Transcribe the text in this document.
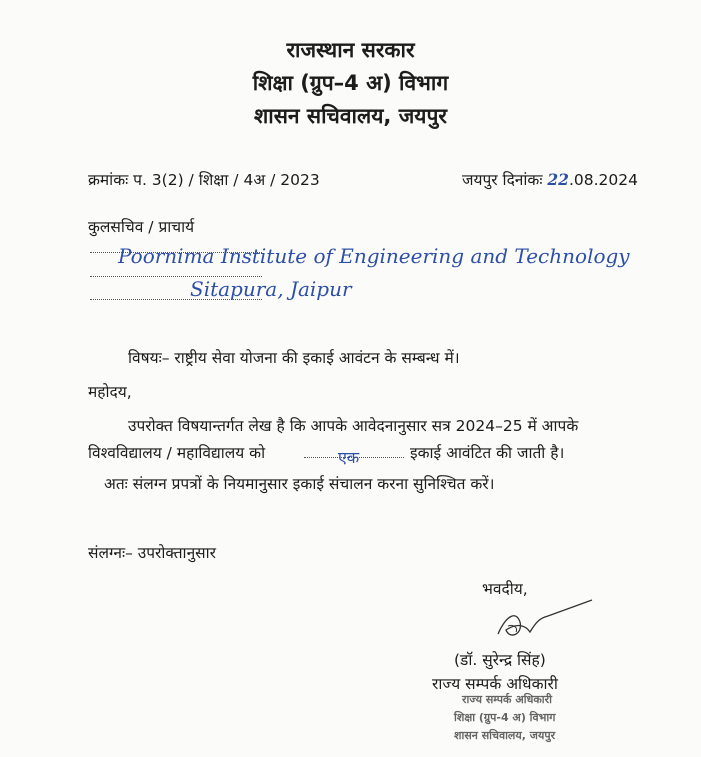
राजस्थान सरकार
शिक्षा (ग्रुप–4 अ) विभाग
शासन सचिवालय, जयपुर
क्रमांकः प. 3(2) / शिक्षा / 4अ / 2023	जयपुर दिनांकः 22.08.2024
कुलसचिव / प्राचार्य
Poornima Institute of Engineering and Technology
Sitapura, Jaipur
विषयः– राष्ट्रीय सेवा योजना की इकाई आवंटन के सम्बन्ध में।
महोदय,
उपरोक्त विषयान्तर्गत लेख है कि आपके आवेदनानुसार सत्र 2024–25 में आपके
विश्वविद्यालय / महाविद्यालय को	एक	इकाई आवंटित की जाती है।
अतः संलग्न प्रपत्रों के नियमानुसार इकाई संचालन करना सुनिश्चित करें।
संलग्नः– उपरोक्तानुसार
भवदीय,
(डॉ. सुरेन्द्र सिंह)
राज्य सम्पर्क अधिकारी
राज्य सम्पर्क अधिकारी
शिक्षा (ग्रुप-4 अ) विभाग
शासन सचिवालय, जयपुर
